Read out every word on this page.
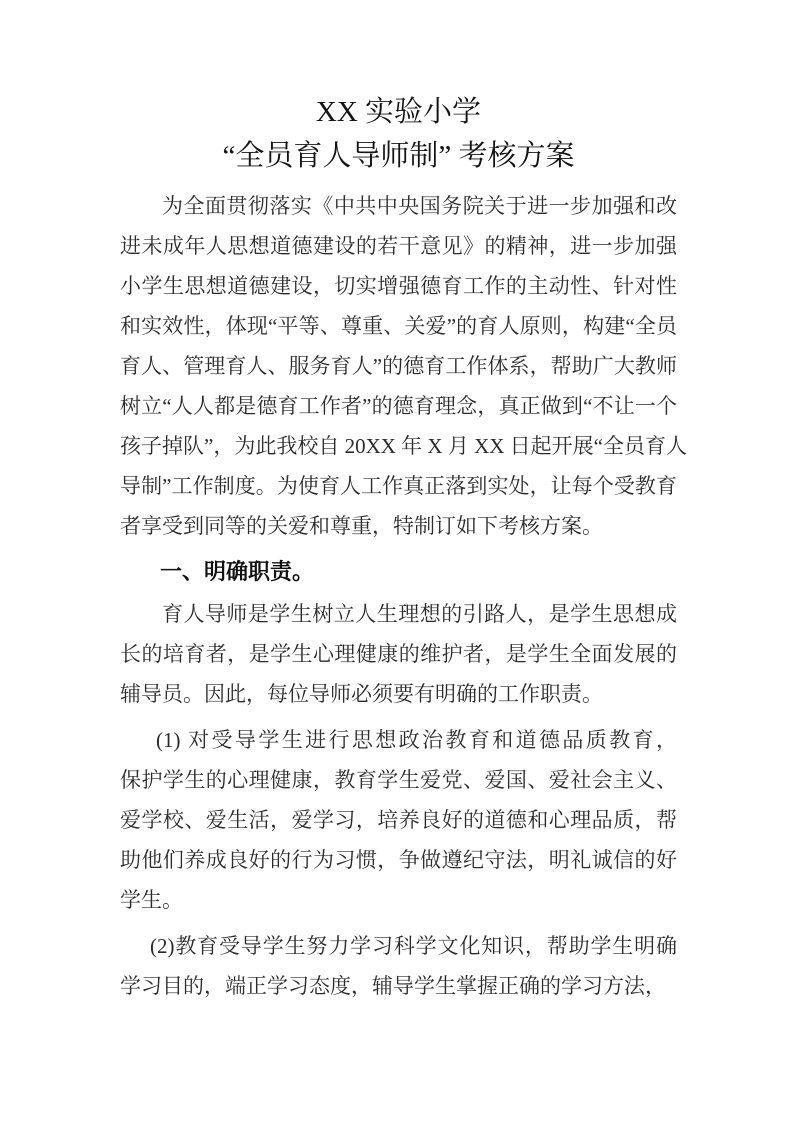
XX 实验小学
“全员育人导师制” 考核方案
为全面贯彻落实《中共中央国务院关于进一步加强和改
进未成年人思想道德建设的若干意见》的精神，进一步加强
小学生思想道德建设，切实增强德育工作的主动性、针对性
和实效性，体现“平等、尊重、关爱”的育人原则，构建“全员
育人、管理育人、服务育人”的德育工作体系，帮助广大教师
树立“人人都是德育工作者”的德育理念，真正做到“不让一个
孩子掉队”，为此我校自 20XX 年 X 月 XX 日起开展“全员育人
导制”工作制度。为使育人工作真正落到实处，让每个受教育
者享受到同等的关爱和尊重，特制订如下考核方案。
一、明确职责。
育人导师是学生树立人生理想的引路人，是学生思想成
长的培育者，是学生心理健康的维护者，是学生全面发展的
辅导员。因此，每位导师必须要有明确的工作职责。
(1) 对受导学生进行思想政治教育和道德品质教育，
保护学生的心理健康，教育学生爱党、爱国、爱社会主义、
爱学校、爱生活，爱学习，培养良好的道德和心理品质，帮
助他们养成良好的行为习惯，争做遵纪守法，明礼诚信的好
学生。
(2)教育受导学生努力学习科学文化知识，帮助学生明确
学习目的，端正学习态度，辅导学生掌握正确的学习方法，
